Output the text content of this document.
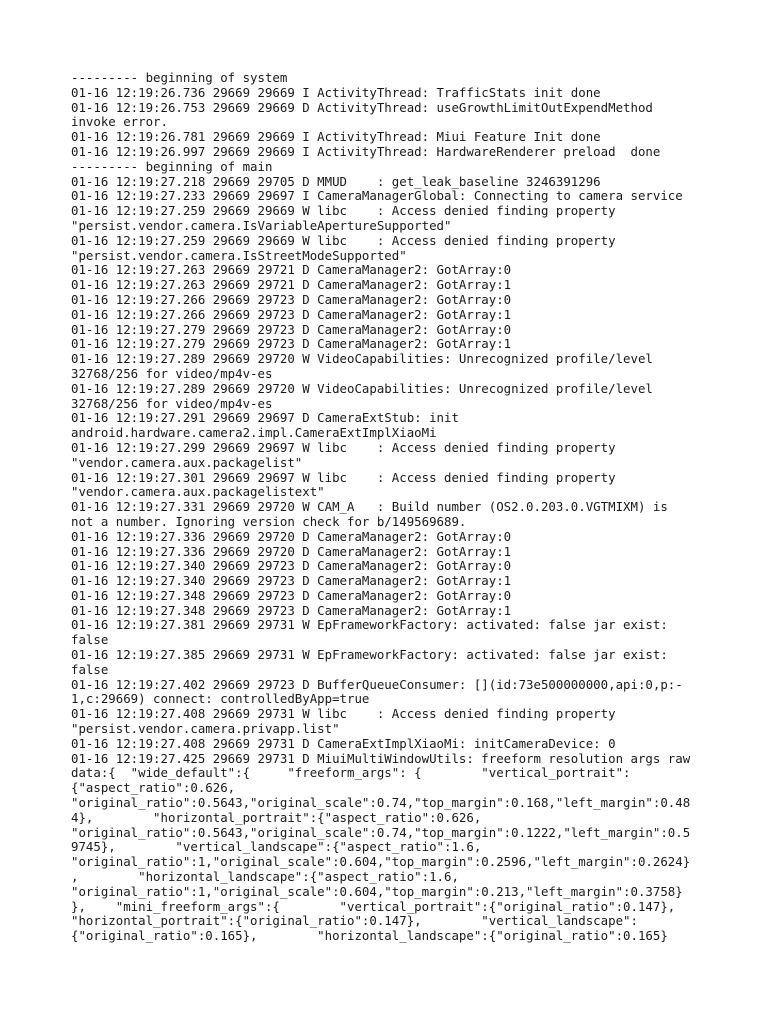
--------- beginning of system
01-16 12:19:26.736 29669 29669 I ActivityThread: TrafficStats init done
01-16 12:19:26.753 29669 29669 D ActivityThread: useGrowthLimitOutExpendMethod
invoke error.
01-16 12:19:26.781 29669 29669 I ActivityThread: Miui Feature Init done
01-16 12:19:26.997 29669 29669 I ActivityThread: HardwareRenderer preload  done
--------- beginning of main
01-16 12:19:27.218 29669 29705 D MMUD    : get_leak_baseline 3246391296
01-16 12:19:27.233 29669 29697 I CameraManagerGlobal: Connecting to camera service
01-16 12:19:27.259 29669 29669 W libc    : Access denied finding property
"persist.vendor.camera.IsVariableApertureSupported"
01-16 12:19:27.259 29669 29669 W libc    : Access denied finding property
"persist.vendor.camera.IsStreetModeSupported"
01-16 12:19:27.263 29669 29721 D CameraManager2: GotArray:0
01-16 12:19:27.263 29669 29721 D CameraManager2: GotArray:1
01-16 12:19:27.266 29669 29723 D CameraManager2: GotArray:0
01-16 12:19:27.266 29669 29723 D CameraManager2: GotArray:1
01-16 12:19:27.279 29669 29723 D CameraManager2: GotArray:0
01-16 12:19:27.279 29669 29723 D CameraManager2: GotArray:1
01-16 12:19:27.289 29669 29720 W VideoCapabilities: Unrecognized profile/level
32768/256 for video/mp4v-es
01-16 12:19:27.289 29669 29720 W VideoCapabilities: Unrecognized profile/level
32768/256 for video/mp4v-es
01-16 12:19:27.291 29669 29697 D CameraExtStub: init
android.hardware.camera2.impl.CameraExtImplXiaoMi
01-16 12:19:27.299 29669 29697 W libc    : Access denied finding property
"vendor.camera.aux.packagelist"
01-16 12:19:27.301 29669 29697 W libc    : Access denied finding property
"vendor.camera.aux.packagelistext"
01-16 12:19:27.331 29669 29720 W CAM_A   : Build number (OS2.0.203.0.VGTMIXM) is
not a number. Ignoring version check for b/149569689.
01-16 12:19:27.336 29669 29720 D CameraManager2: GotArray:0
01-16 12:19:27.336 29669 29720 D CameraManager2: GotArray:1
01-16 12:19:27.340 29669 29723 D CameraManager2: GotArray:0
01-16 12:19:27.340 29669 29723 D CameraManager2: GotArray:1
01-16 12:19:27.348 29669 29723 D CameraManager2: GotArray:0
01-16 12:19:27.348 29669 29723 D CameraManager2: GotArray:1
01-16 12:19:27.381 29669 29731 W EpFrameworkFactory: activated: false jar exist:
false
01-16 12:19:27.385 29669 29731 W EpFrameworkFactory: activated: false jar exist:
false
01-16 12:19:27.402 29669 29723 D BufferQueueConsumer: [](id:73e500000000,api:0,p:-
1,c:29669) connect: controlledByApp=true
01-16 12:19:27.408 29669 29731 W libc    : Access denied finding property
"persist.vendor.camera.privapp.list"
01-16 12:19:27.408 29669 29731 D CameraExtImplXiaoMi: initCameraDevice: 0
01-16 12:19:27.425 29669 29731 D MiuiMultiWindowUtils: freeform resolution args raw
data:{  "wide_default":{     "freeform_args": {        "vertical_portrait":
{"aspect_ratio":0.626,
"original_ratio":0.5643,"original_scale":0.74,"top_margin":0.168,"left_margin":0.48
4},        "horizontal_portrait":{"aspect_ratio":0.626,
"original_ratio":0.5643,"original_scale":0.74,"top_margin":0.1222,"left_margin":0.5
9745},        "vertical_landscape":{"aspect_ratio":1.6,
"original_ratio":1,"original_scale":0.604,"top_margin":0.2596,"left_margin":0.2624}
,        "horizontal_landscape":{"aspect_ratio":1.6,
"original_ratio":1,"original_scale":0.604,"top_margin":0.213,"left_margin":0.3758}
},    "mini_freeform_args":{        "vertical_portrait":{"original_ratio":0.147},
"horizontal_portrait":{"original_ratio":0.147},        "vertical_landscape":
{"original_ratio":0.165},        "horizontal_landscape":{"original_ratio":0.165}
